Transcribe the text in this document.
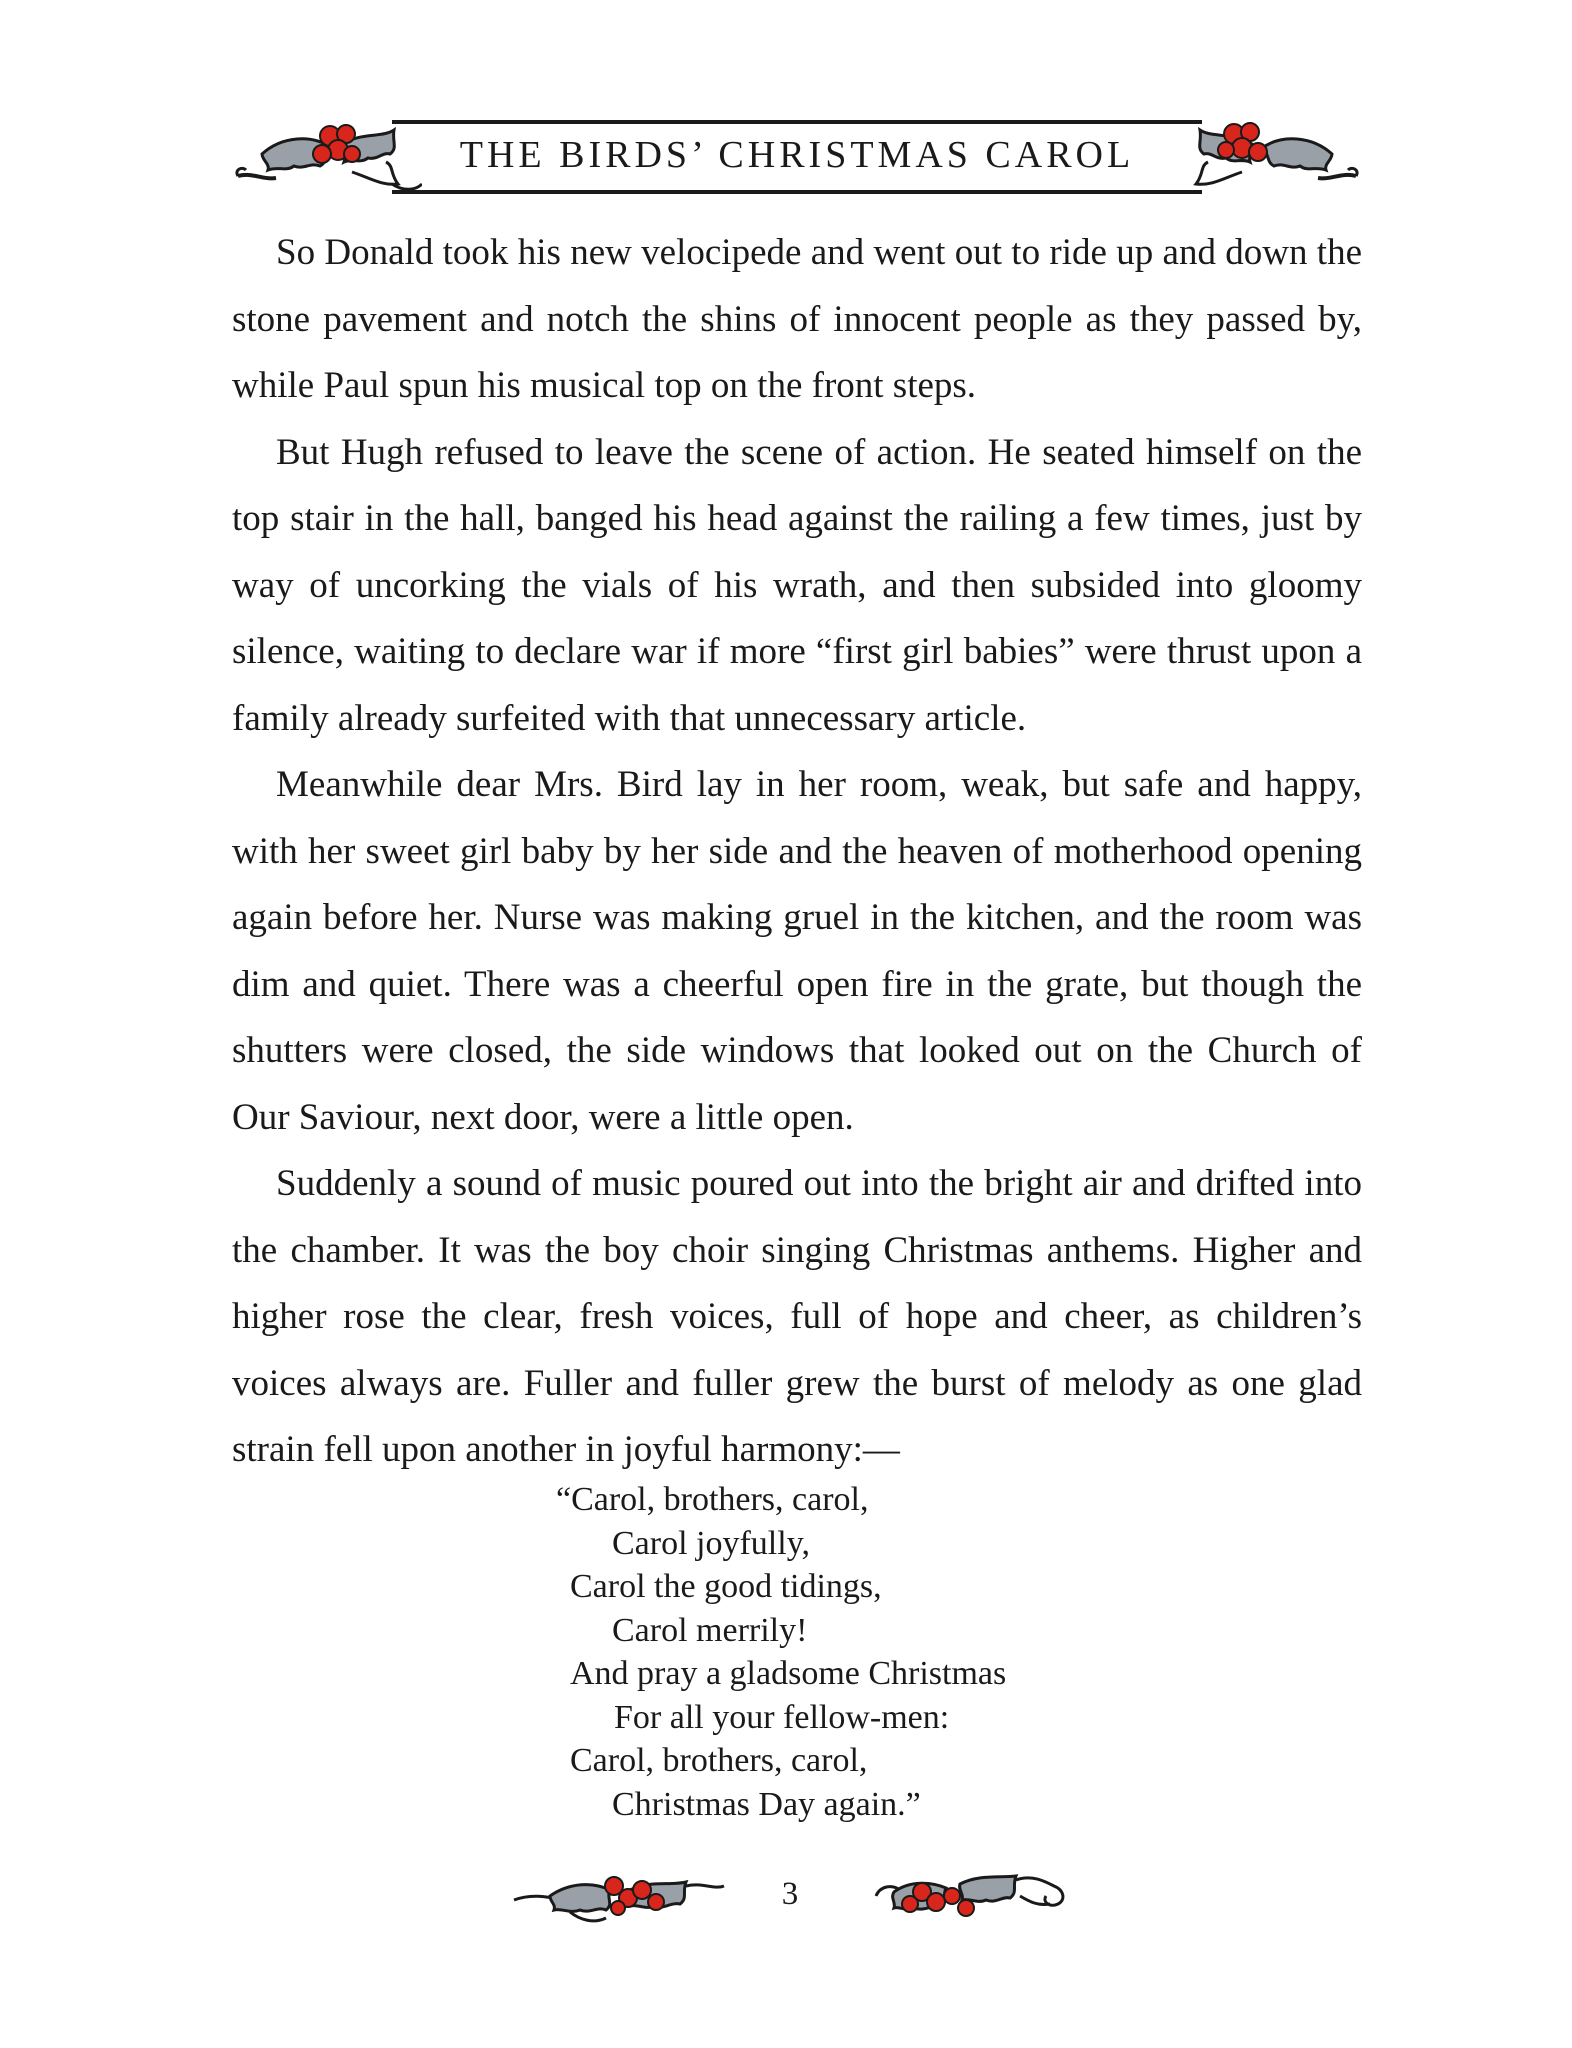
THE BIRDS’ CHRISTMAS CAROL

So Donald took his new velocipede and went out to ride up and down the stone pavement and notch the shins of innocent people as they passed by, while Paul spun his musical top on the front steps.

But Hugh refused to leave the scene of action. He seated himself on the top stair in the hall, banged his head against the railing a few times, just by way of uncorking the vials of his wrath, and then subsided into gloomy silence, waiting to declare war if more “first girl babies” were thrust upon a family already surfeited with that unnecessary article.

Meanwhile dear Mrs. Bird lay in her room, weak, but safe and happy, with her sweet girl baby by her side and the heaven of motherhood opening again before her. Nurse was making gruel in the kitchen, and the room was dim and quiet. There was a cheerful open fire in the grate, but though the shutters were closed, the side windows that looked out on the Church of Our Saviour, next door, were a little open.

Suddenly a sound of music poured out into the bright air and drifted into the chamber. It was the boy choir singing Christmas anthems. Higher and higher rose the clear, fresh voices, full of hope and cheer, as children’s voices always are. Fuller and fuller grew the burst of melody as one glad strain fell upon another in joyful harmony:—

“Carol, brothers, carol,
Carol joyfully,
Carol the good tidings,
Carol merrily!
And pray a gladsome Christmas
For all your fellow-men:
Carol, brothers, carol,
Christmas Day again.”
3
